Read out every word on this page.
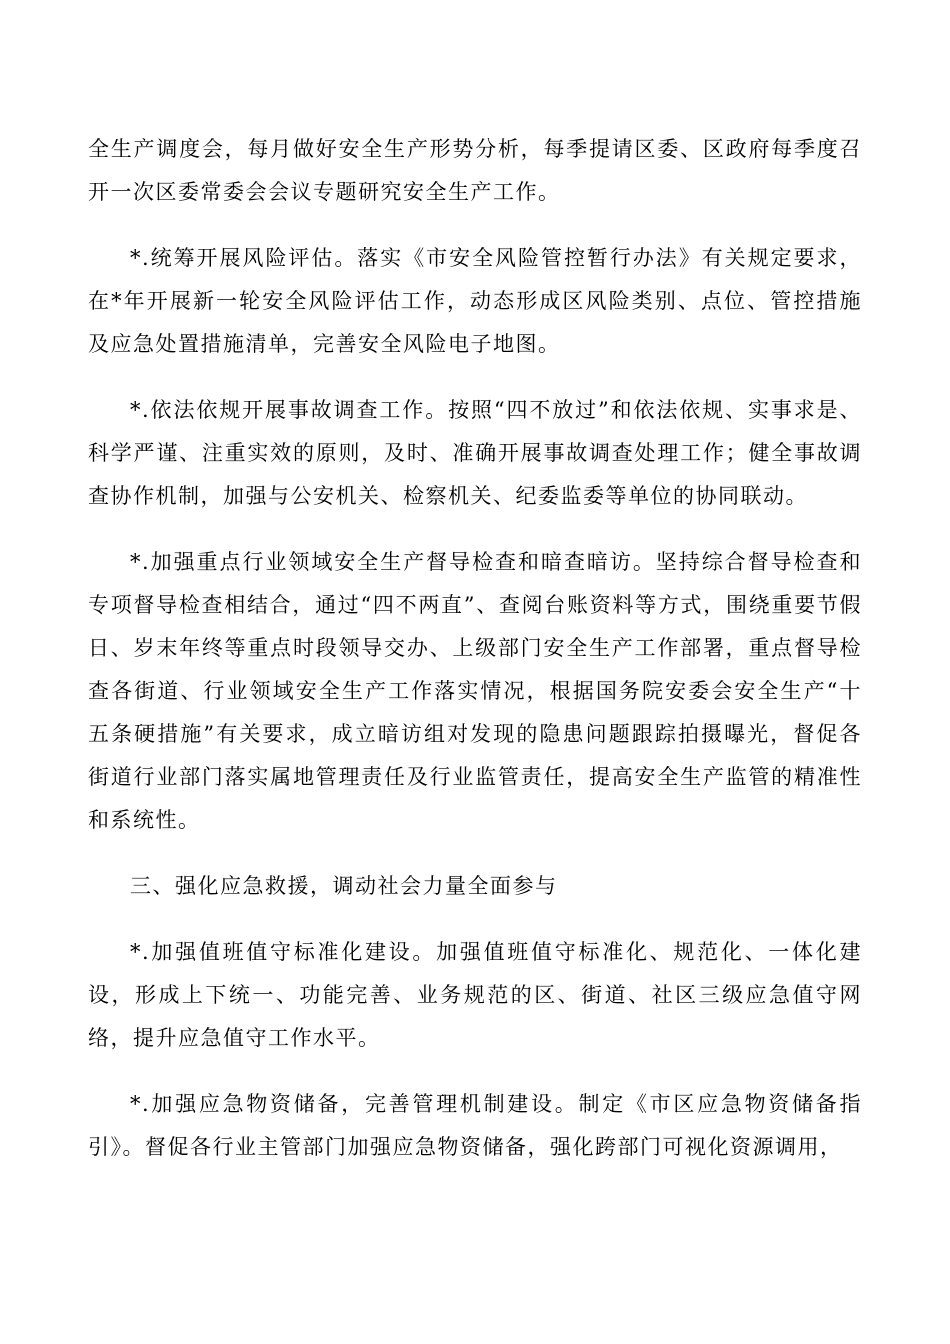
全生产调度会，每月做好安全生产形势分析，每季提请区委、区政府每季度召开一次区委常委会会议专题研究安全生产工作。

*.统筹开展风险评估。落实《市安全风险管控暂行办法》有关规定要求，在*年开展新一轮安全风险评估工作，动态形成区风险类别、点位、管控措施及应急处置措施清单，完善安全风险电子地图。

*.依法依规开展事故调查工作。按照“四不放过”和依法依规、实事求是、科学严谨、注重实效的原则，及时、准确开展事故调查处理工作；健全事故调查协作机制，加强与公安机关、检察机关、纪委监委等单位的协同联动。

*.加强重点行业领域安全生产督导检查和暗查暗访。坚持综合督导检查和专项督导检查相结合，通过“四不两直”、查阅台账资料等方式，围绕重要节假日、岁末年终等重点时段领导交办、上级部门安全生产工作部署，重点督导检查各街道、行业领域安全生产工作落实情况，根据国务院安委会安全生产“十五条硬措施”有关要求，成立暗访组对发现的隐患问题跟踪拍摄曝光，督促各街道行业部门落实属地管理责任及行业监管责任，提高安全生产监管的精准性和系统性。

三、强化应急救援，调动社会力量全面参与

*.加强值班值守标准化建设。加强值班值守标准化、规范化、一体化建设，形成上下统一、功能完善、业务规范的区、街道、社区三级应急值守网络，提升应急值守工作水平。

*.加强应急物资储备，完善管理机制建设。制定《市区应急物资储备指引》。督促各行业主管部门加强应急物资储备，强化跨部门可视化资源调用，
